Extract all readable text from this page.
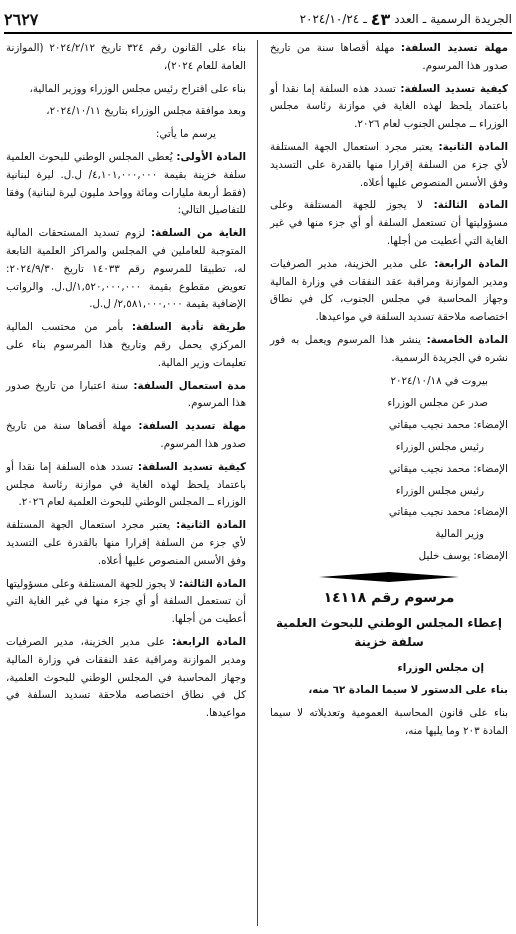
الجريدة الرسمية
ـ
العدد
٤٣
ـ
٢٠٢٤/١٠/٢٤
٢٦٢٧

مهلة تسديد السلفة: مهلة أقصاها سنة من تاريخ صدور هذا المرسوم.

كيفية تسديد السلفة: تسدد هذه السلفة إما نقدا أو باعتماد يلحظ لهذه الغاية في موازنة رئاسة مجلس الوزراء ــ مجلس الجنوب لعام ٢٠٢٦.

المادة الثانية: يعتبر مجرد استعمال الجهة المستلفة لأي جزء من السلفة إقرارا منها بالقدرة على التسديد وفق الأسس المنصوص عليها أعلاه.

المادة الثالثة: لا يجوز للجهة المستلفة وعلى مسؤوليتها أن تستعمل السلفة أو أي جزء منها في غير الغاية التي أعطيت من أجلها.

المادة الرابعة: على مدير الخزينة، مدير الصرفيات ومدير الموازنة ومراقبة عقد النفقات في وزارة المالية وجهاز المحاسبة في مجلس الجنوب، كل في نطاق اختصاصه ملاحقة تسديد السلفة في مواعيدها.

المادة الخامسة: ينشر هذا المرسوم ويعمل به فور نشره في الجريدة الرسمية.

بيروت في ٢٠٢٤/١٠/١٨

صدر عن مجلس الوزراء

الإمضاء: محمد نجيب ميقاتي

رئيس مجلس الوزراء

الإمضاء: محمد نجيب ميقاتي

رئيس مجلس الوزراء

الإمضاء: محمد نجيب ميقاتي

وزير المالية

الإمضاء: يوسف خليل

مرسوم رقم ١٤١١٨

إعطاء المجلس الوطني للبحوث العلمية

سلفة خزينة

إن مجلس الوزراء

بناء على الدستور لا سيما المادة ٦٢ منه،

بناء على قانون المحاسبة العمومية وتعديلاته لا سيما المادة ٢٠٣ وما يليها منه،

بناء على القانون رقم ٣٢٤ تاريخ ٢٠٢٤/٢/١٢ (الموازنة العامة للعام ٢٠٢٤)،

بناء على اقتراح رئيس مجلس الوزراء ووزير المالية،

وبعد موافقة مجلس الوزراء بتاريخ ٢٠٢٤/١٠/١١،

يرسم ما يأتي:

المادة الأولى: يُعطى المجلس الوطني للبحوث العلمية سلفة خزينة بقيمة ٤,١٠١,٠٠٠,٠٠٠/ ل.ل. ليرة لبنانية (فقط أربعة مليارات ومائة وواحد مليون ليرة لبنانية) وفقا للتفاصيل التالي:

الغاية من السلفة: لزوم تسديد المستحقات المالية المتوجبة للعاملين في المجلس والمراكز العلمية التابعة له، تطبيقا للمرسوم رقم ١٤٠٣٣ تاريخ ٢٠٢٤/٩/٣٠: تعويض مقطوع بقيمة ١,٥٢٠,٠٠٠,٠٠٠/ل.ل. والرواتب الإضافية بقيمة ٢,٥٨١,٠٠٠,٠٠٠/ ل.ل.

طريقة تأدية السلفة: بأمر من محتسب المالية المركزي يحمل رقم وتاريخ هذا المرسوم بناء على تعليمات وزير المالية.

مدة استعمال السلفة: سنة اعتبارا من تاريخ صدور هذا المرسوم.

مهلة تسديد السلفة: مهلة أقصاها سنة من تاريخ صدور هذا المرسوم.

كيفية تسديد السلفة: تسدد هذه السلفة إما نقدا أو باعتماد يلحظ لهذه الغاية في موازنة رئاسة مجلس الوزراء ــ المجلس الوطني للبحوث العلمية لعام ٢٠٢٦.

المادة الثانية: يعتبر مجرد استعمال الجهة المستلفة لأي جزء من السلفة إقرارا منها بالقدرة على التسديد وفق الأسس المنصوص عليها أعلاه.

المادة الثالثة: لا يجوز للجهة المستلفة وعلى مسؤوليتها أن تستعمل السلفة أو أي جزء منها في غير الغاية التي أعطيت من أجلها.

المادة الرابعة: على مدير الخزينة، مدير الصرفيات ومدير الموازنة ومراقبة عقد النفقات في وزارة المالية وجهاز المحاسبة في المجلس الوطني للبحوث العلمية، كل في نطاق اختصاصه ملاحقة تسديد السلفة في مواعيدها.
